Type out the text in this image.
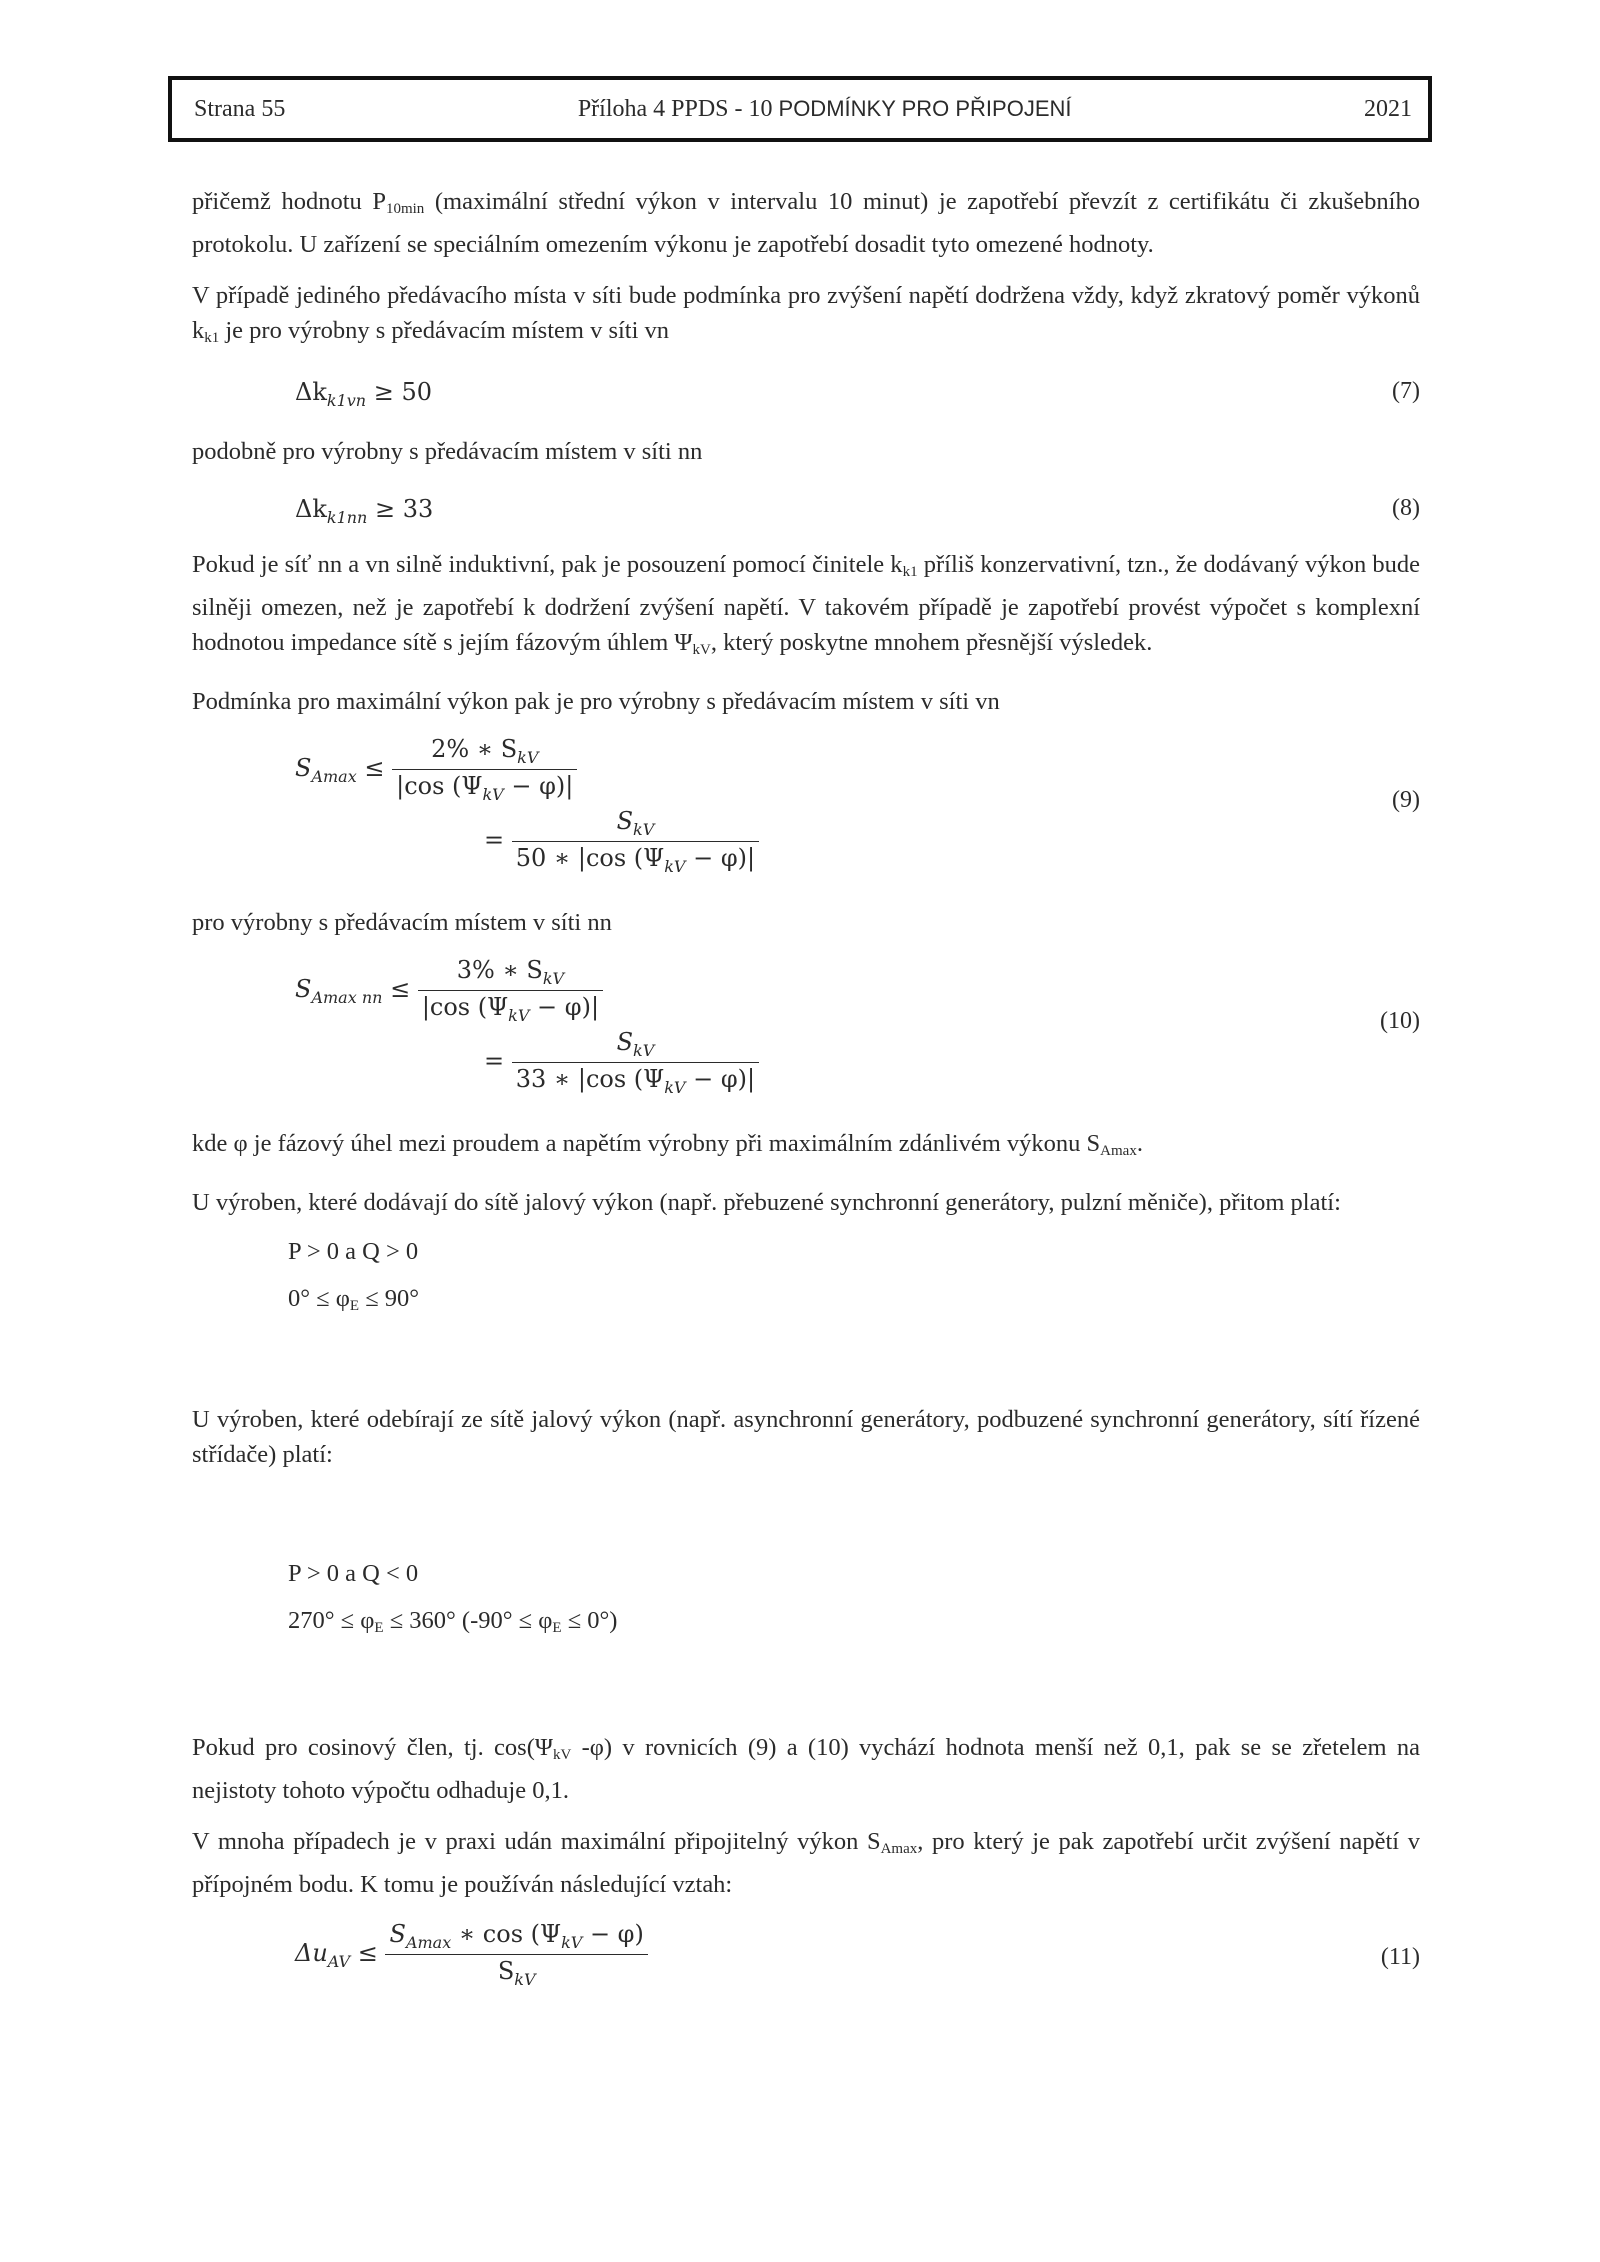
Strana 55	Příloha 4 PPDS - 10 PODMÍNKY PRO PŘIPOJENÍ	2021

přičemž hodnotu $P_{10min}$ (maximální střední výkon v intervalu 10 minut) je zapotřebí převzít z certifikátu či zkušebního protokolu. U zařízení se speciálním omezením výkonu je zapotřebí dosadit tyto omezené hodnoty.

V případě jediného předávacího místa v síti bude podmínka pro zvýšení napětí dodržena vždy, když zkratový poměr výkonů $k_{k1}$ je pro výrobny s předávacím místem v síti vn

$\Delta k_{k1vn} \ge 50$	(7)

podobně pro výrobny s předávacím místem v síti nn

$\Delta k_{k1nn} \ge 33$	(8)

Pokud je síť nn a vn silně induktivní, pak je posouzení pomocí činitele $k_{k1}$ příliš konzervativní, tzn., že dodávaný výkon bude silněji omezen, než je zapotřebí k dodržení zvýšení napětí. V takovém případě je zapotřebí provést výpočet s komplexní hodnotou impedance sítě s jejím fázovým úhlem $\Psi_{kV}$, který poskytne mnohem přesnější výsledek.

Podmínka pro maximální výkon pak je pro výrobny s předávacím místem v síti vn

$S_{Amax} \le \frac{2\% ∗ S_{kV}}{|\cos (\Psi_{kV} - \varphi)|}$
= $\frac{S_{kV}}{50 ∗ |\cos (\Psi_{kV} - \varphi)|}$
(9)

pro výrobny s předávacím místem v síti nn

$S_{Amax nn} \le \frac{3\% ∗ S_{kV}}{|\cos (\Psi_{kV} - \varphi)|}$
= $\frac{S_{kV}}{33 ∗ |\cos (\Psi_{kV} - \varphi)|}$
(10)

kde φ je fázový úhel mezi proudem a napětím výrobny při maximálním zdánlivém výkonu $S_{Amax}$.

U výroben, které dodávají do sítě jalový výkon (např. přebuzené synchronní generátory, pulzní měniče), přitom platí:

P > 0 a Q > 0
$0^\circ \le \varphi_E \le 90^\circ$

U výroben, které odebírají ze sítě jalový výkon (např. asynchronní generátory, podbuzené synchronní generátory, sítí řízené střídače) platí:

P > 0 a Q < 0
$270^\circ \le \varphi_E \le 360^\circ$ $(-90^\circ \le \varphi_E \le 0^\circ)$

Pokud pro cosinový člen, tj. $\cos(\Psi_{kV}$ -φ) v rovnicích (9) a (10) vychází hodnota menší než 0,1, pak se se zřetelem na nejistoty tohoto výpočtu odhaduje 0,1.

V mnoha případech je v praxi udán maximální připojitelný výkon $S_{Amax}$, pro který je pak zapotřebí určit zvýšení napětí v přípojném bodu. K tomu je používán následující vztah:

$\Delta u_{AV} \le \frac{S_{Amax} ∗ \cos (\Psi_{kV} - \varphi)}{S_{kV}}$	(11)
